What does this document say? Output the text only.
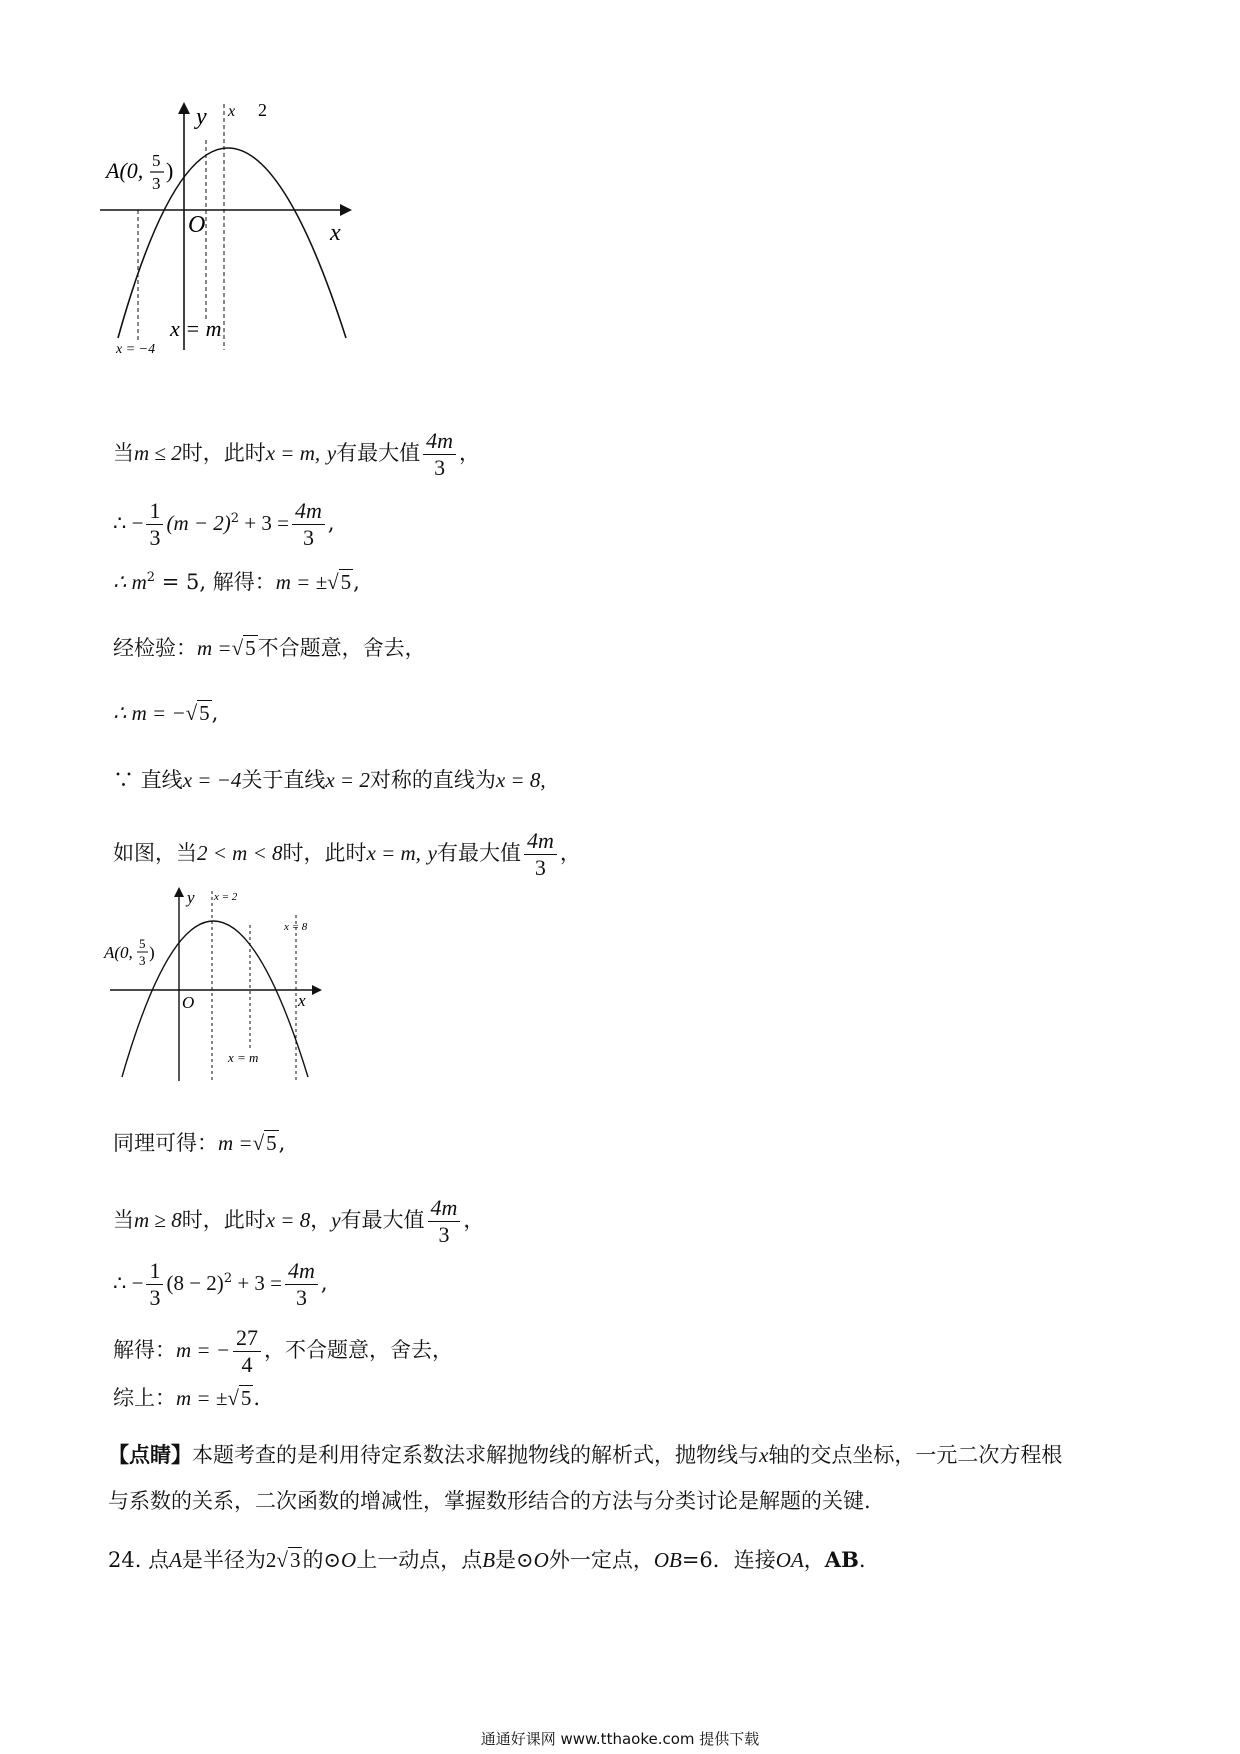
y
x
O
x 2
A(0, 5
3
)
x = m
x = −4
当m ≤ 2时，此时x = m, y有最大值 $\frac{4m}{3}$ ，
∴ − $\frac{1}{3} (m - 2)^2 + 3 = \frac{4m}{3}$ ,
∴ $m^2 = 5$, 解得：m = ±√5,
经检验：m =√5不合题意，舍去，
∴ m = −√5,
∵ 直线x = −4关于直线x = 2对称的直线为x = 8,
如图，当2 < m < 8时，此时x = m, y有最大值 $\frac{4m}{3}$ ，
y
x
O
x = 2
x = 8
x = m
A(0, 5
3 )
同理可得：m =√5,
当m ≥ 8时，此时x = 8，y有最大值 $\frac{4m}{3}$ ，
∴ − $\frac{1}{3} (8 - 2)^2 + 3 = \frac{4m}{3}$ ,
解得：m = − $\frac{27}{4}$ ，不合题意，舍去，
综上：m = ±√5.
【点睛】本题考查的是利用待定系数法求解抛物线的解析式，抛物线与x轴的交点坐标，一元二次方程根
与系数的关系，二次函数的增减性，掌握数形结合的方法与分类讨论是解题的关键.
24. 点A是半径为2√3的⊙O上一动点，点B是⊙O外一定点，OB=6．连接OA，AB.
通通好课网 www.tthaoke.com 提供下载
